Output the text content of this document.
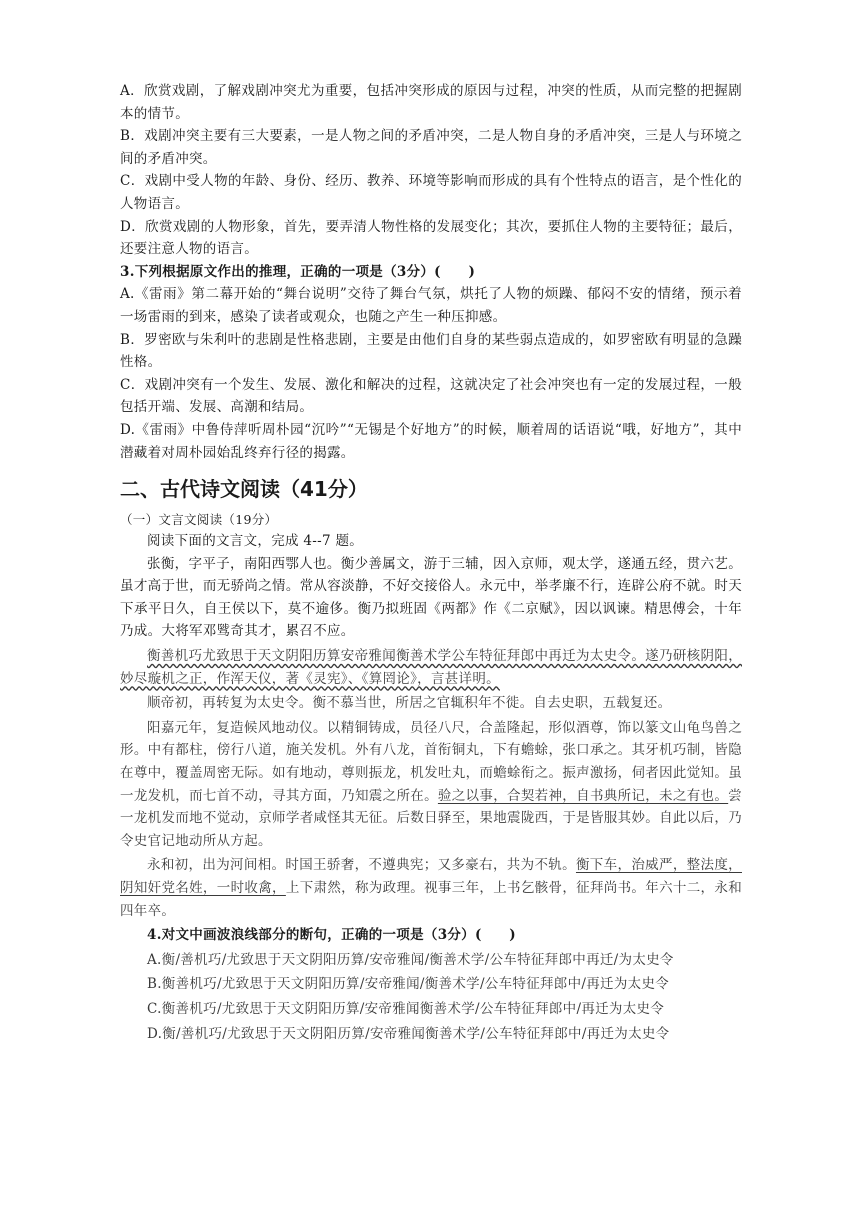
A．欣赏戏剧，了解戏剧冲突尤为重要，包括冲突形成的原因与过程，冲突的性质，从而完整的把握剧本的情节。

B．戏剧冲突主要有三大要素，一是人物之间的矛盾冲突，二是人物自身的矛盾冲突，三是人与环境之间的矛盾冲突。

C．戏剧中受人物的年龄、身份、经历、教养、环境等影响而形成的具有个性特点的语言，是个性化的人物语言。

D．欣赏戏剧的人物形象，首先，要弄清人物性格的发展变化；其次，要抓住人物的主要特征；最后，还要注意人物的语言。

3.下列根据原文作出的推理，正确的一项是（3分）(　　)

A.《雷雨》第二幕开始的“舞台说明”交待了舞台气氛，烘托了人物的烦躁、郁闷不安的情绪，预示着一场雷雨的到来，感染了读者或观众，也随之产生一种压抑感。

B．罗密欧与朱利叶的悲剧是性格悲剧，主要是由他们自身的某些弱点造成的，如罗密欧有明显的急躁性格。

C．戏剧冲突有一个发生、发展、激化和解决的过程，这就决定了社会冲突也有一定的发展过程，一般包括开端、发展、高潮和结局。

D.《雷雨》中鲁侍萍听周朴园“沉吟”“无锡是个好地方”的时候，顺着周的话语说“哦，好地方”，其中潜藏着对周朴园始乱终弃行径的揭露。

二、古代诗文阅读（41分）

（一）文言文阅读（19分）

阅读下面的文言文，完成 4--7 题。

张衡，字平子，南阳西鄂人也。衡少善属文，游于三辅，因入京师，观太学，遂通五经，贯六艺。虽才高于世，而无骄尚之情。常从容淡静，不好交接俗人。永元中，举孝廉不行，连辟公府不就。时天下承平日久，自王侯以下，莫不逾侈。衡乃拟班固《两都》作《二京赋》，因以讽谏。精思傅会，十年乃成。大将军邓骘奇其才，累召不应。

衡善机巧尤致思于天文阴阳历算安帝雅闻衡善术学公车特征拜郎中再迁为太史令。遂乃研核阴阳，妙尽璇机之正，作浑天仪，著《灵宪》、《算罔论》，言甚详明。

顺帝初，再转复为太史令。衡不慕当世，所居之官辄积年不徙。自去史职，五载复还。

阳嘉元年，复造候风地动仪。以精铜铸成，员径八尺，合盖隆起，形似酒尊，饰以篆文山龟鸟兽之形。中有都柱，傍行八道，施关发机。外有八龙，首衔铜丸，下有蟾蜍，张口承之。其牙机巧制，皆隐在尊中，覆盖周密无际。如有地动，尊则振龙，机发吐丸，而蟾蜍衔之。振声激扬，伺者因此觉知。虽一龙发机，而七首不动，寻其方面，乃知震之所在。验之以事，合契若神，自书典所记，未之有也。尝一龙机发而地不觉动，京师学者咸怪其无征。后数日驿至，果地震陇西，于是皆服其妙。自此以后，乃令史官记地动所从方起。

永和初，出为河间相。时国王骄奢，不遵典宪；又多豪右，共为不轨。衡下车，治威严，整法度，阴知奸党名姓，一时收禽，上下肃然，称为政理。视事三年，上书乞骸骨，征拜尚书。年六十二，永和四年卒。

4.对文中画波浪线部分的断句，正确的一项是（3分）(　　)

A.衡/善机巧/尤致思于天文阴阳历算/安帝雅闻/衡善术学/公车特征拜郎中再迁/为太史令

B.衡善机巧/尤致思于天文阴阳历算/安帝雅闻/衡善术学/公车特征拜郎中/再迁为太史令

C.衡善机巧/尤致思于天文阴阳历算/安帝雅闻衡善术学/公车特征拜郎中/再迁为太史令

D.衡/善机巧/尤致思于天文阴阳历算/安帝雅闻衡善术学/公车特征拜郎中/再迁为太史令
